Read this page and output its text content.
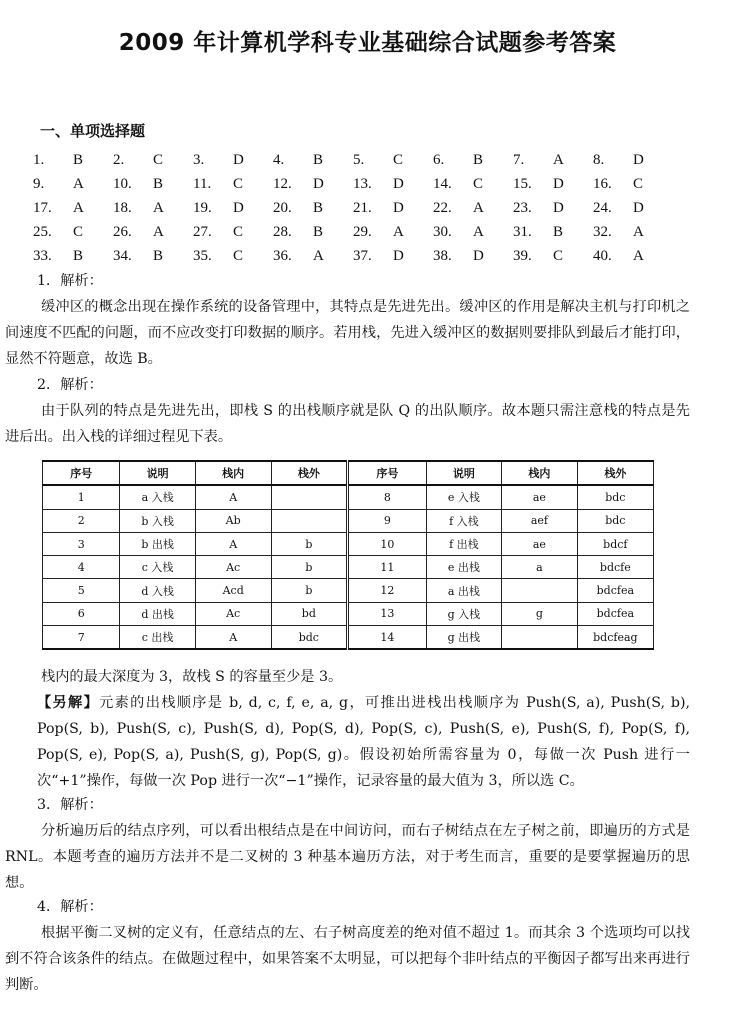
2009 年计算机学科专业基础综合试题参考答案
一、单项选择题
1.	B	2.	C	3.	D	4.	B	5.	C	6.	B	7.	A	8.	D
9.	A	10.	B	11.	C	12.	D	13.	D	14.	C	15.	D	16.	C
17.	A	18.	A	19.	D	20.	B	21.	D	22.	A	23.	D	24.	D
25.	C	26.	A	27.	C	28.	B	29.	A	30.	A	31.	B	32.	A
33.	B	34.	B	35.	C	36.	A	37.	D	38.	D	39.	C	40.	A
1．解析：

缓冲区的概念出现在操作系统的设备管理中，其特点是先进先出。缓冲区的作用是解决主机与打印机之间速度不匹配的问题，而不应改变打印数据的顺序。若用栈，先进入缓冲区的数据则要排队到最后才能打印，显然不符题意，故选 B。

2．解析：

由于队列的特点是先进先出，即栈 S 的出栈顺序就是队 Q 的出队顺序。故本题只需注意栈的特点是先进后出。出入栈的详细过程见下表。

序号	说明	栈内	栈外	序号	说明	栈内	栈外
1	a 入栈	A		8	e 入栈	ae	bdc
2	b 入栈	Ab		9	f 入栈	aef	bdc
3	b 出栈	A	b	10	f 出栈	ae	bdcf
4	c 入栈	Ac	b	11	e 出栈	a	bdcfe
5	d 入栈	Acd	b	12	a 出栈		bdcfea
6	d 出栈	Ac	bd	13	g 入栈	g	bdcfea
7	c 出栈	A	bdc	14	g 出栈		bdcfeag

栈内的最大深度为 3，故栈 S 的容量至少是 3。

【另解】元素的出栈顺序是 b, d, c, f, e, a, g，可推出进栈出栈顺序为 Push(S, a), Push(S, b), Pop(S, b), Push(S, c), Push(S, d), Pop(S, d), Pop(S, c), Push(S, e), Push(S, f), Pop(S, f), Pop(S, e), Pop(S, a), Push(S, g), Pop(S, g)。假设初始所需容量为 0，每做一次 Push 进行一次“+1”操作，每做一次 Pop 进行一次“−1”操作，记录容量的最大值为 3，所以选 C。

3．解析：

分析遍历后的结点序列，可以看出根结点是在中间访问，而右子树结点在左子树之前，即遍历的方式是 RNL。本题考查的遍历方法并不是二叉树的 3 种基本遍历方法，对于考生而言，重要的是要掌握遍历的思想。

4．解析：

根据平衡二叉树的定义有，任意结点的左、右子树高度差的绝对值不超过 1。而其余 3 个选项均可以找到不符合该条件的结点。在做题过程中，如果答案不太明显，可以把每个非叶结点的平衡因子都写出来再进行判断。
